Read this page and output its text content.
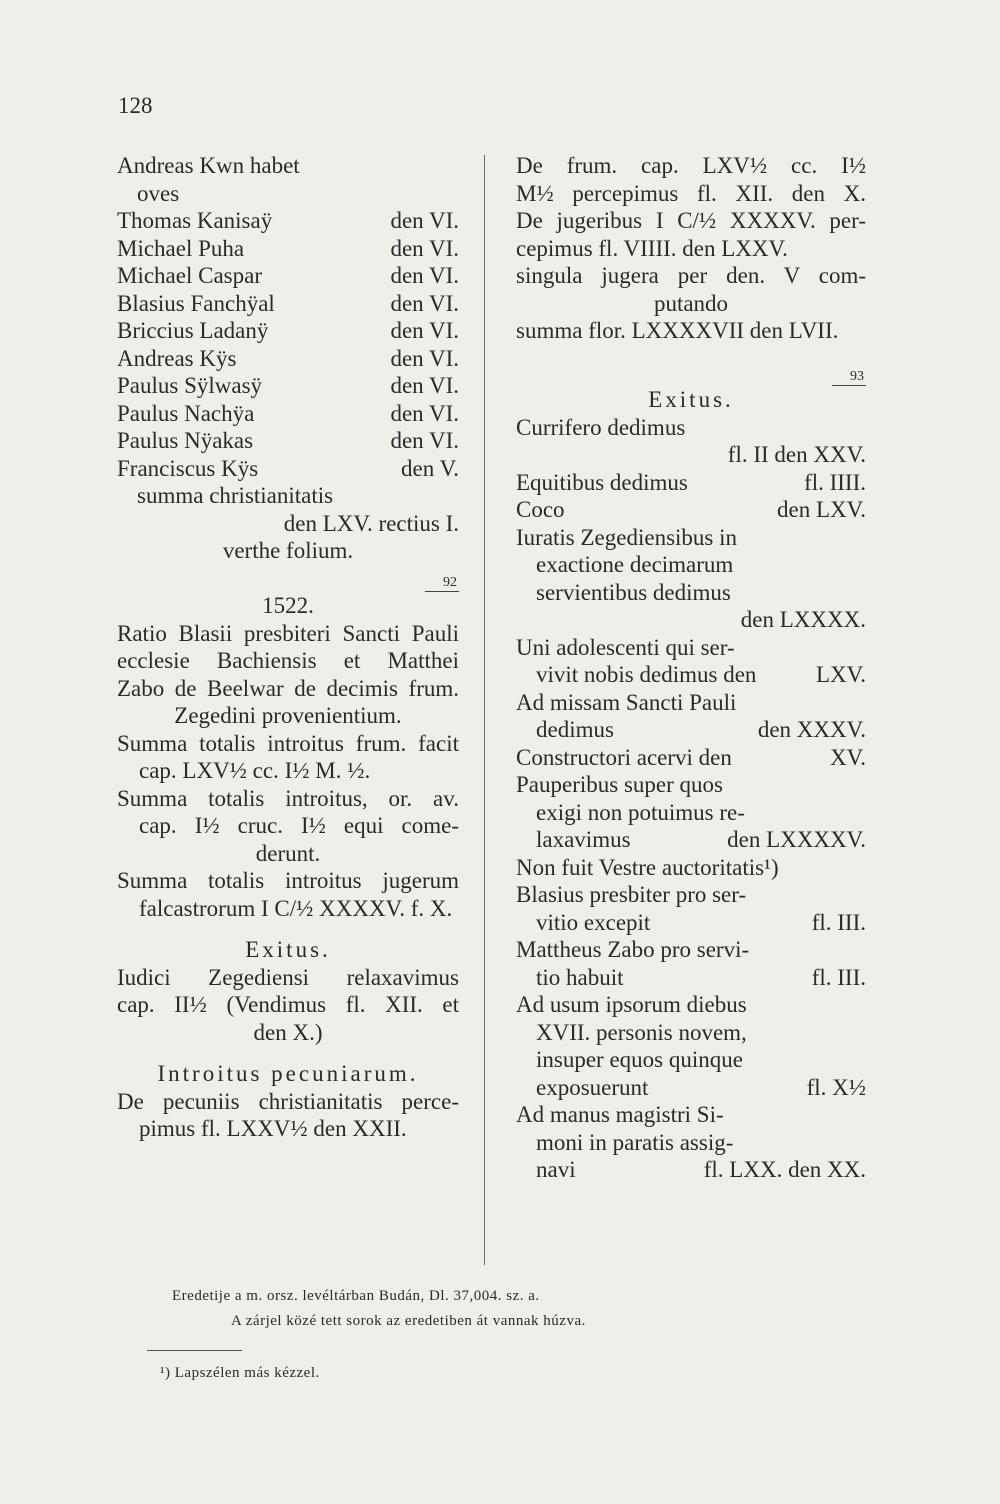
128
Andreas Kwn habet
oves
Thomas Kanisaÿ	den VI.
Michael Puha	den VI.
Michael Caspar	den VI.
Blasius Fanchÿal	den VI.
Briccius Ladanÿ	den VI.
Andreas Kÿs	den VI.
Paulus Sÿlwasÿ	den VI.
Paulus Nachÿa	den VI.
Paulus Nÿakas	den VI.
Franciscus Kÿs	den V.
summa christianitatis
den LXV. rectius I.
verthe folium.
92
1522.
Ratio Blasii presbiteri Sancti Pauli
ecclesie Bachiensis et Matthei
Zabo de Beelwar de decimis frum.
Zegedini provenientium.
Summa totalis introitus frum. facit
cap. LXV½ cc. I½ M. ½.
Summa totalis introitus, or. av.
cap. I½ cruc. I½ equi come-
derunt.
Summa totalis introitus jugerum
falcastrorum I C/½ XXXXV. f. X.
Exitus.
Iudici Zegediensi relaxavimus
cap. II½ (Vendimus fl. XII. et
den X.)
Introitus pecuniarum.
De pecuniis christianitatis perce-
pimus fl. LXXV½ den XXII.
De frum. cap. LXV½ cc. I½
M½ percepimus fl. XII. den X.
De jugeribus I C/½ XXXXV. per-
cepimus fl. VIIII. den LXXV.
singula jugera per den. V com-
putando
summa flor. LXXXXVII den LVII.
93
Exitus.
Currifero dedimus
fl. II den XXV.
Equitibus dedimus	fl. IIII.
Coco	den LXV.
Iuratis Zegediensibus in
exactione decimarum
servientibus dedimus
den LXXXX.
Uni adolescenti qui ser-
vivit nobis dedimus den	LXV.
Ad missam Sancti Pauli
dedimus	den XXXV.
Constructori acervi den	XV.
Pauperibus super quos
exigi non potuimus re-
laxavimus	den LXXXXV.
Non fuit Vestre auctoritatis¹)
Blasius presbiter pro ser-
vitio excepit	fl. III.
Mattheus Zabo pro servi-
tio habuit	fl. III.
Ad usum ipsorum diebus
XVII. personis novem,
insuper equos quinque
exposuerunt	fl. X½
Ad manus magistri Si-
moni in paratis assig-
navi	fl. LXX. den XX.
Eredetije a m. orsz. levéltárban Budán, Dl. 37,004. sz. a.
A zárjel közé tett sorok az eredetiben át vannak húzva.
¹) Lapszélen más kézzel.
